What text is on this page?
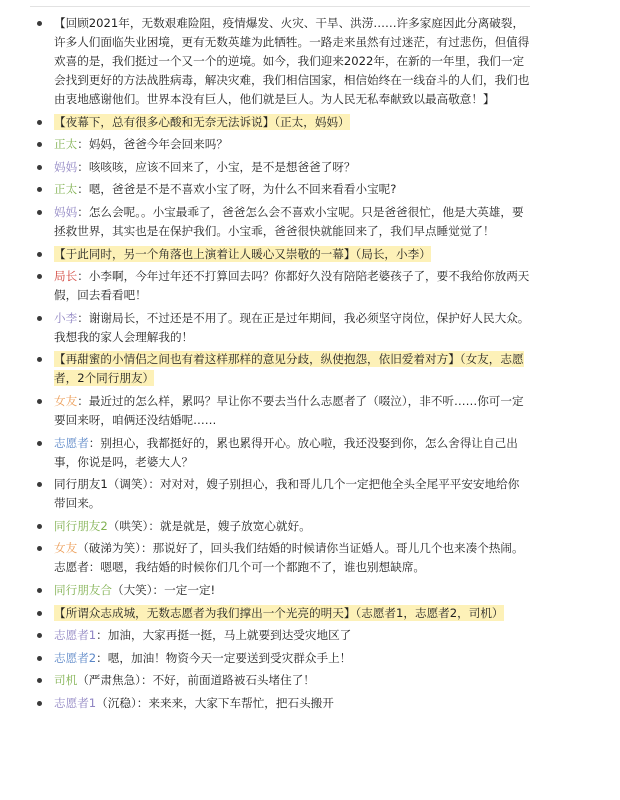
【回顾2021年，无数艰难险阻，疫情爆发、火灾、干旱、洪涝……许多家庭因此分离破裂，许多人们面临失业困境，更有无数英雄为此牺牲。一路走来虽然有过迷茫，有过悲伤，但值得欢喜的是，我们挺过一个又一个的逆境。如今，我们迎来2022年，在新的一年里，我们一定会找到更好的方法战胜病毒，解决灾难，我们相信国家，相信始终在一线奋斗的人们，我们也由衷地感谢他们。世界本没有巨人，他们就是巨人。为人民无私奉献致以最高敬意！】
【夜幕下，总有很多心酸和无奈无法诉说】（正太，妈妈）
正太：妈妈，爸爸今年会回来吗？
妈妈：咳咳咳，应该不回来了，小宝，是不是想爸爸了呀？
正太：嗯，爸爸是不是不喜欢小宝了呀，为什么不回来看看小宝呢?
妈妈：怎么会呢。。小宝最乖了，爸爸怎么会不喜欢小宝呢。只是爸爸很忙，他是大英雄，要拯救世界，其实也是在保护我们。小宝乖，爸爸很快就能回来了，我们早点睡觉觉了！
【于此同时，另一个角落也上演着让人暖心又崇敬的一幕】（局长，小李）
局长：小李啊，今年过年还不打算回去吗？你都好久没有陪陪老婆孩子了，要不我给你放两天假，回去看看吧！
小李：谢谢局长，不过还是不用了。现在正是过年期间，我必须坚守岗位，保护好人民大众。我想我的家人会理解我的！
【再甜蜜的小情侣之间也有着这样那样的意见分歧，纵使抱怨，依旧爱着对方】（女友，志愿者，2个同行朋友）
女友：最近过的怎么样，累吗？早让你不要去当什么志愿者了（啜泣），非不听……你可一定要回来呀，咱俩还没结婚呢……
志愿者：别担心，我都挺好的，累也累得开心。放心啦，我还没娶到你，怎么舍得让自己出事，你说是吗，老婆大人？
同行朋友1（调笑）：对对对，嫂子别担心，我和哥儿几个一定把他全头全尾平平安安地给你带回来。
同行朋友2（哄笑）：就是就是，嫂子放宽心就好。
女友（破涕为笑）：那说好了，回头我们结婚的时候请你当证婚人。哥儿几个也来凑个热闹。 志愿者：嗯嗯，我结婚的时候你们几个可一个都跑不了，谁也别想缺席。
同行朋友合（大笑）：一定一定!
【所谓众志成城，无数志愿者为我们撑出一个光亮的明天】（志愿者1，志愿者2，司机）
志愿者1：加油，大家再挺一挺，马上就要到达受灾地区了
志愿者2：嗯，加油！物资今天一定要送到受灾群众手上！
司机（严肃焦急）：不好，前面道路被石头堵住了！
志愿者1（沉稳）：来来来，大家下车帮忙，把石头搬开
